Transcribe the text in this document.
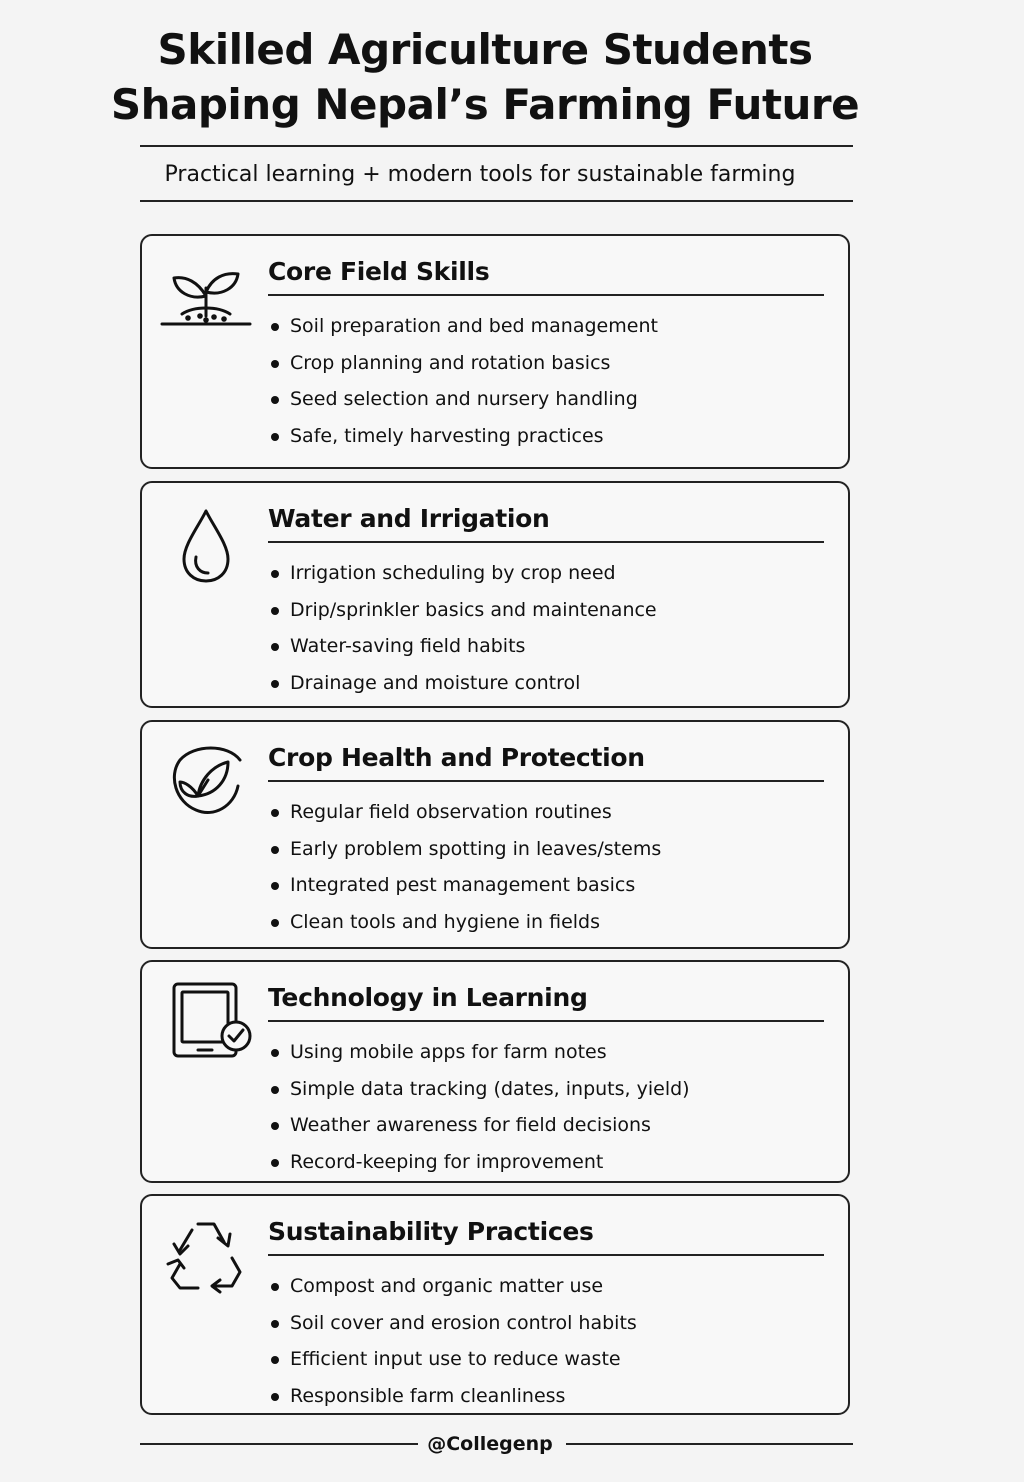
Skilled Agriculture Students
Shaping Nepal’s Farming Future
Practical learning + modern tools for sustainable farming
Core Field Skills
Soil preparation and bed management
Crop planning and rotation basics
Seed selection and nursery handling
Safe, timely harvesting practices
Water and Irrigation
Irrigation scheduling by crop need
Drip/sprinkler basics and maintenance
Water-saving field habits
Drainage and moisture control
Crop Health and Protection
Regular field observation routines
Early problem spotting in leaves/stems
Integrated pest management basics
Clean tools and hygiene in fields
Technology in Learning
Using mobile apps for farm notes
Simple data tracking (dates, inputs, yield)
Weather awareness for field decisions
Record-keeping for improvement
Sustainability Practices
Compost and organic matter use
Soil cover and erosion control habits
Efficient input use to reduce waste
Responsible farm cleanliness
@Collegenp
